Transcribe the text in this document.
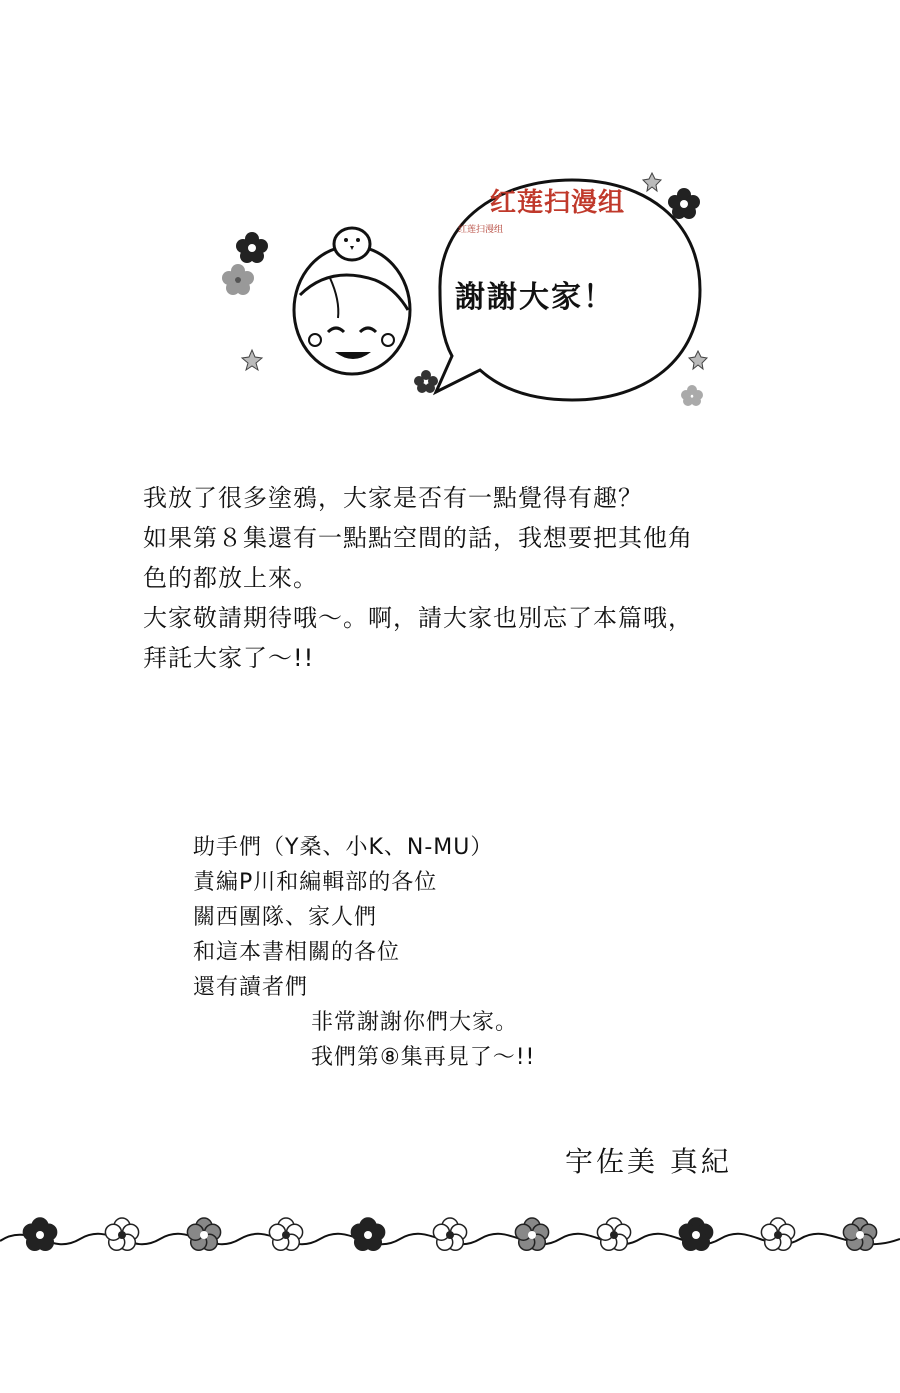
红莲扫漫组
红莲扫漫组
謝謝大家！
我放了很多塗鴉，大家是否有一點覺得有趣？
如果第８集還有一點點空間的話，我想要把其他角
色的都放上來。
大家敬請期待哦～。啊，請大家也別忘了本篇哦，
拜託大家了～!!
助手們（Y桑、小K、N-MU）
責編P川和編輯部的各位
關西團隊、家人們
和這本書相關的各位
還有讀者們
非常謝謝你們大家。
我們第⑧集再見了～!!
宇佐美 真紀
